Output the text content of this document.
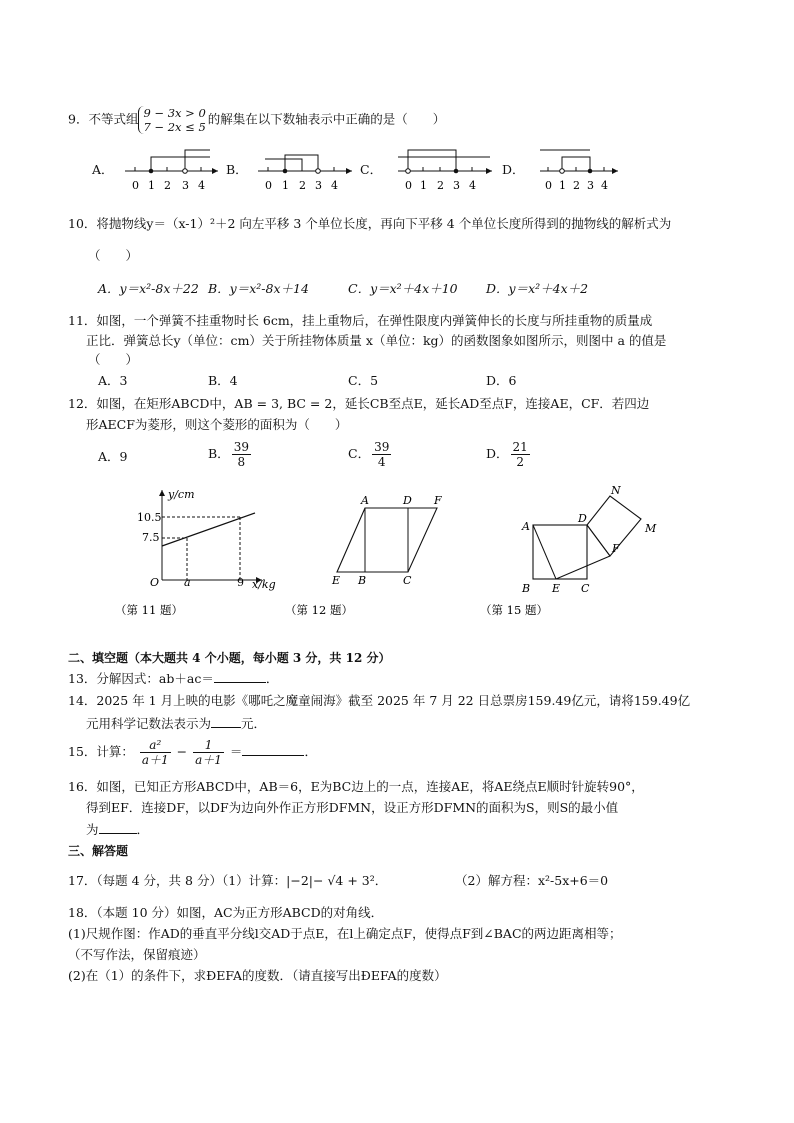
9．不等式组 9 − 3x > 0
7 − 2x ≤ 5
的解集在以下数轴表示中正确的是（　　）
A．	B．	C．	D．
0 1 2 3 4	0 1 2 3 4	0 1 2 3 4	0 1 2 3 4
10．将抛物线y＝（x-1）²＋2 向左平移 3 个单位长度，再向下平移 4 个单位长度所得到的抛物线的解析式为
（　　）
A．y＝x²-8x＋22 B．y＝x²-8x＋14	C．y＝x²＋4x＋10 D．y＝x²＋4x＋2
11．如图，一个弹簧不挂重物时长 6cm，挂上重物后，在弹性限度内弹簧伸长的长度与所挂重物的质量成
正比．弹簧总长y（单位：cm）关于所挂物体质量 x（单位：kg）的函数图象如图所示，则图中 a 的值是
（　　）
A．3	B．4	C．5	D．6
12．如图，在矩形ABCD中，AB = 3, BC = 2，延长CB至点E，延长AD至点F，连接AE，CF．若四边
形AECF为菱形，则这个菱形的面积为（　　）
A．9	B． $\frac{39}{8}$	C． $\frac{39}{4}$	D． $\frac{21}{2}$
y/cm
x/kg
O
10.5
7.5
a	9
A	D F
E B	C
N
M
A
D
F
B E C
（第 11 题）	（第 12 题）	（第 15 题）
二、填空题（本大题共 4 个小题，每小题 3 分，共 12 分）
13．分解因式：ab＋ac＝	．
14．2025 年 1 月上映的电影《哪吒之魔童闹海》截至 2025 年 7 月 22 日总票房159.49亿元，请将159.49亿
元用科学记数法表示为 元．
15．计算： $\frac{\text{a²}}{a+1} - \frac{1}{a+1}$ ＝	．
16．如图，已知正方形ABCD中，AB＝6，E为BC边上的一点，连接AE，将AE绕点E顺时针旋转90°，
得到EF．连接DF，以DF为边向外作正方形DFMN，设正方形DFMN的面积为S，则S的最小值
为	．
三、解答题
17．（每题 4 分，共 8 分）（1）计算：|−2|− √4 + 3²．	（2）解方程：x²-5x+6＝0
18．（本题 10 分）如图，AC为正方形ABCD的对角线．
(1)尺规作图：作AD的垂直平分线l交AD于点E，在l上确定点F，使得点F到∠BAC的两边距离相等；
（不写作法，保留痕迹）
(2)在（1）的条件下，求ÐEFA的度数．（请直接写出ÐEFA的度数）
